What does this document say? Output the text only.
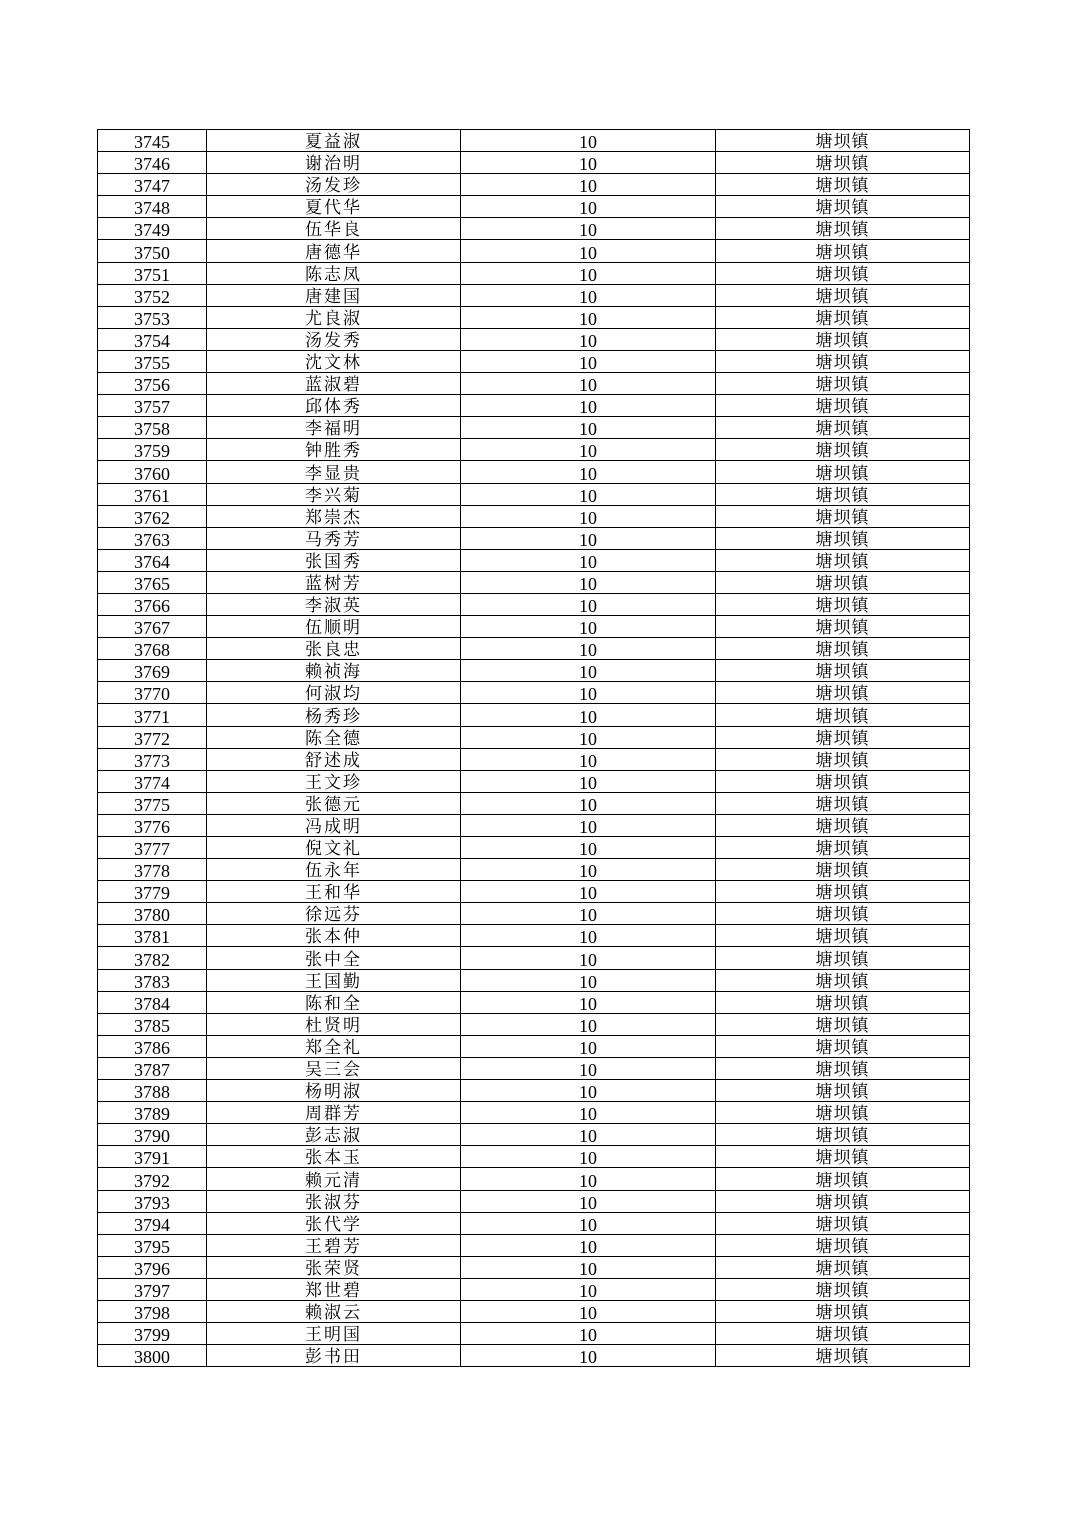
3745	夏益淑	10	塘坝镇
3746	谢治明	10	塘坝镇
3747	汤发珍	10	塘坝镇
3748	夏代华	10	塘坝镇
3749	伍华良	10	塘坝镇
3750	唐德华	10	塘坝镇
3751	陈志凤	10	塘坝镇
3752	唐建国	10	塘坝镇
3753	尤良淑	10	塘坝镇
3754	汤发秀	10	塘坝镇
3755	沈文林	10	塘坝镇
3756	蓝淑碧	10	塘坝镇
3757	邱体秀	10	塘坝镇
3758	李福明	10	塘坝镇
3759	钟胜秀	10	塘坝镇
3760	李显贵	10	塘坝镇
3761	李兴菊	10	塘坝镇
3762	郑崇杰	10	塘坝镇
3763	马秀芳	10	塘坝镇
3764	张国秀	10	塘坝镇
3765	蓝树芳	10	塘坝镇
3766	李淑英	10	塘坝镇
3767	伍顺明	10	塘坝镇
3768	张良忠	10	塘坝镇
3769	赖祯海	10	塘坝镇
3770	何淑均	10	塘坝镇
3771	杨秀珍	10	塘坝镇
3772	陈全德	10	塘坝镇
3773	舒述成	10	塘坝镇
3774	王文珍	10	塘坝镇
3775	张德元	10	塘坝镇
3776	冯成明	10	塘坝镇
3777	倪文礼	10	塘坝镇
3778	伍永年	10	塘坝镇
3779	王和华	10	塘坝镇
3780	徐远芬	10	塘坝镇
3781	张本仲	10	塘坝镇
3782	张中全	10	塘坝镇
3783	王国勤	10	塘坝镇
3784	陈和全	10	塘坝镇
3785	杜贤明	10	塘坝镇
3786	郑全礼	10	塘坝镇
3787	吴三会	10	塘坝镇
3788	杨明淑	10	塘坝镇
3789	周群芳	10	塘坝镇
3790	彭志淑	10	塘坝镇
3791	张本玉	10	塘坝镇
3792	赖元清	10	塘坝镇
3793	张淑芬	10	塘坝镇
3794	张代学	10	塘坝镇
3795	王碧芳	10	塘坝镇
3796	张荣贤	10	塘坝镇
3797	郑世碧	10	塘坝镇
3798	赖淑云	10	塘坝镇
3799	王明国	10	塘坝镇
3800	彭书田	10	塘坝镇
